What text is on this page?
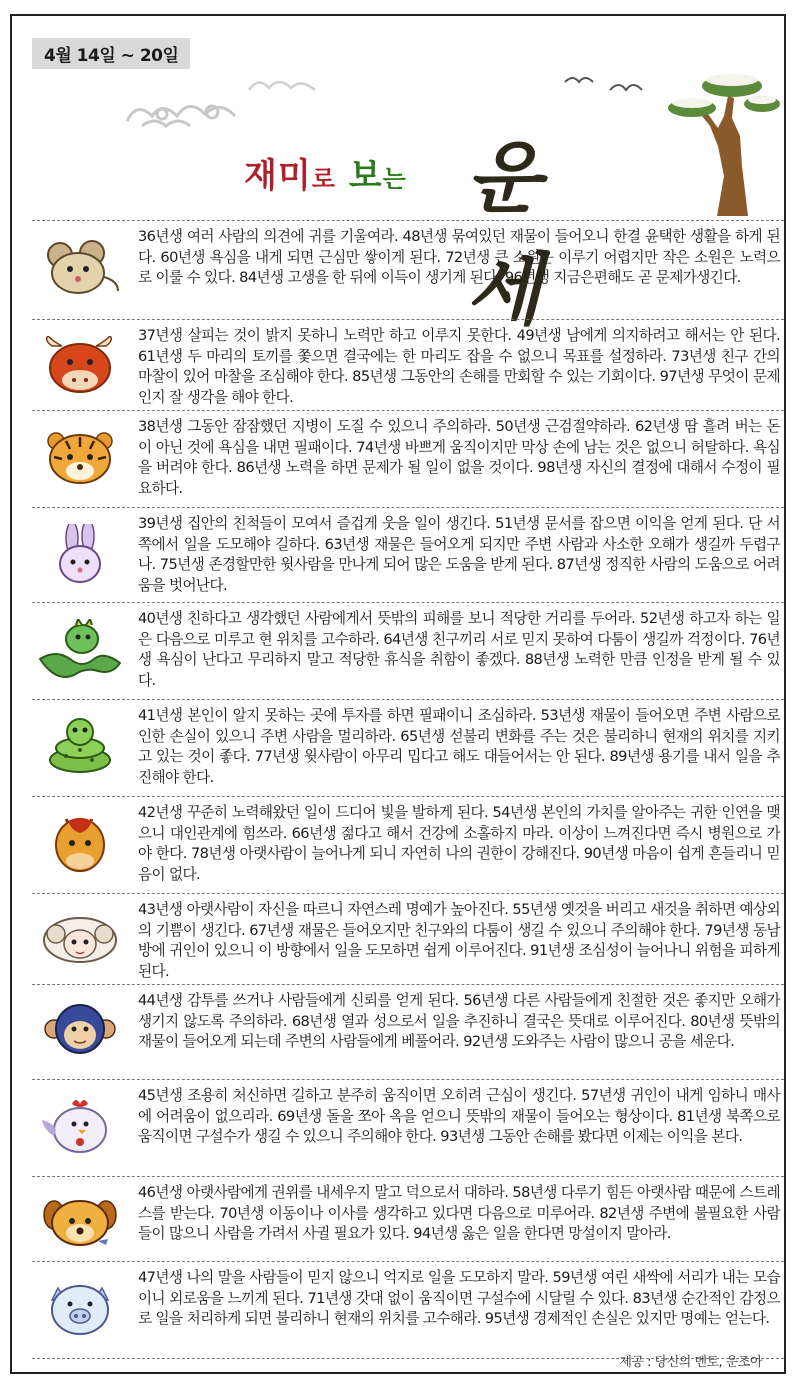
4월 14일 ~ 20일
재미로 보는 운세
36년생 여러 사람의 의견에 귀를 기울여라. 48년생 묶여있던 재물이 들어오니 한결 윤택한 생활을 하게 된다. 60년생 욕심을 내게 되면 근심만 쌓이게 된다. 72년생 큰 소원은 이루기 어렵지만 작은 소원은 노력으로 이룰 수 있다. 84년생 고생을 한 뒤에 이득이 생기게 된다. 96년생 지금은편해도 곧 문제가생긴다.
37년생 살피는 것이 밝지 못하니 노력만 하고 이루지 못한다. 49년생 남에게 의지하려고 해서는 안 된다. 61년생 두 마리의 토끼를 쫓으면 결국에는 한 마리도 잡을 수 없으니 목표를 설정하라. 73년생 친구 간의 마찰이 있어 마찰을 조심해야 한다. 85년생 그동안의 손해를 만회할 수 있는 기회이다. 97년생 무엇이 문제인지 잘 생각을 해야 한다.
38년생 그동안 잠잠했던 지병이 도질 수 있으니 주의하라. 50년생 근검절약하라. 62년생 땀 흘려 버는 돈이 아닌 것에 욕심을 내면 필패이다. 74년생 바쁘게 움직이지만 막상 손에 남는 것은 없으니 허탈하다. 욕심을 버려야 한다. 86년생 노력을 하면 문제가 될 일이 없을 것이다. 98년생 자신의 결정에 대해서 수정이 필요하다.
39년생 집안의 친척들이 모여서 즐겁게 웃을 일이 생긴다. 51년생 문서를 잡으면 이익을 얻게 된다. 단 서쪽에서 일을 도모해야 길하다. 63년생 재물은 들어오게 되지만 주변 사람과 사소한 오해가 생길까 두렵구나. 75년생 존경할만한 윗사람을 만나게 되어 많은 도움을 받게 된다. 87년생 정직한 사람의 도움으로 어려움을 벗어난다.
40년생 친하다고 생각했던 사람에게서 뜻밖의 피해를 보니 적당한 거리를 두어라. 52년생 하고자 하는 일은 다음으로 미루고 현 위치를 고수하라. 64년생 친구끼리 서로 믿지 못하여 다툼이 생길까 걱정이다. 76년생 욕심이 난다고 무리하지 말고 적당한 휴식을 취함이 좋겠다. 88년생 노력한 만큼 인정을 받게 될 수 있다.
41년생 본인이 알지 못하는 곳에 투자를 하면 필패이니 조심하라. 53년생 재물이 들어오면 주변 사람으로 인한 손실이 있으니 주변 사람을 멀리하라. 65년생 섣불리 변화를 주는 것은 불리하니 현재의 위치를 지키고 있는 것이 좋다. 77년생 윗사람이 아무리 밉다고 해도 대들어서는 안 된다. 89년생 용기를 내서 일을 추진해야 한다.
42년생 꾸준히 노력해왔던 일이 드디어 빛을 발하게 된다. 54년생 본인의 가치를 알아주는 귀한 인연을 맺으니 대인관계에 힘쓰라. 66년생 젊다고 해서 건강에 소홀하지 마라. 이상이 느껴진다면 즉시 병원으로 가야 한다. 78년생 아랫사람이 늘어나게 되니 자연히 나의 권한이 강해진다. 90년생 마음이 쉽게 흔들리니 믿음이 없다.
43년생 아랫사람이 자신을 따르니 자연스레 명예가 높아진다. 55년생 옛것을 버리고 새것을 취하면 예상외의 기쁨이 생긴다. 67년생 재물은 들어오지만 친구와의 다툼이 생길 수 있으니 주의해야 한다. 79년생 동남방에 귀인이 있으니 이 방향에서 일을 도모하면 쉽게 이루어진다. 91년생 조심성이 늘어나니 위험을 피하게 된다.
44년생 감투를 쓰거나 사람들에게 신뢰를 얻게 된다. 56년생 다른 사람들에게 친절한 것은 좋지만 오해가 생기지 않도록 주의하라. 68년생 열과 성으로서 일을 추진하니 결국은 뜻대로 이루어진다. 80년생 뜻밖의 재물이 들어오게 되는데 주변의 사람들에게 베풀어라. 92년생 도와주는 사람이 많으니 공을 세운다.
45년생 조용히 처신하면 길하고 분주히 움직이면 오히려 근심이 생긴다. 57년생 귀인이 내게 임하니 매사에 어려움이 없으리라. 69년생 돌을 쪼아 옥을 얻으니 뜻밖의 재물이 들어오는 형상이다. 81년생 북쪽으로 움직이면 구설수가 생길 수 있으니 주의해야 한다. 93년생 그동안 손해를 봤다면 이제는 이익을 본다.
46년생 아랫사람에게 권위를 내세우지 말고 덕으로서 대하라. 58년생 다루기 힘든 아랫사람 때문에 스트레스를 받는다. 70년생 이동이나 이사를 생각하고 있다면 다음으로 미루어라. 82년생 주변에 불필요한 사람들이 많으니 사람을 가려서 사귈 필요가 있다. 94년생 옳은 일을 한다면 망설이지 말아라.
47년생 나의 말을 사람들이 믿지 않으니 억지로 일을 도모하지 말라. 59년생 여린 새싹에 서리가 내는 모습이니 외로움을 느끼게 된다. 71년생 갓대 없이 움직이면 구설수에 시달릴 수 있다. 83년생 순간적인 감정으로 일을 처리하게 되면 불리하니 현재의 위치를 고수해라. 95년생 경제적인 손실은 있지만 명예는 얻는다.
제공 : 당신의 멘토, 운조아
